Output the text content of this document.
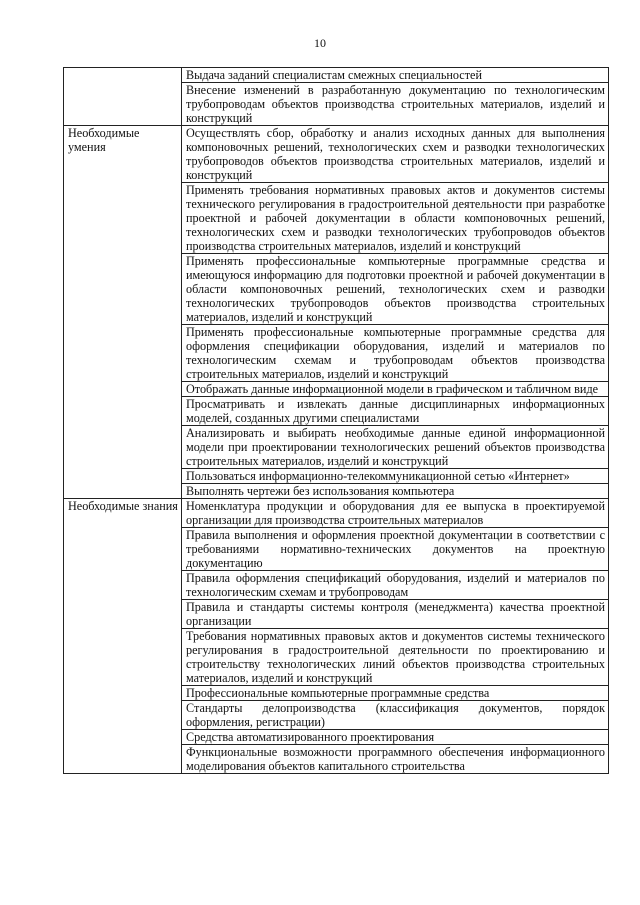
10
	Выдача заданий специалистам смежных специальностей
	Внесение изменений в разработанную документацию по технологическим трубопроводам объектов производства строительных материалов, изделий и конструкций
Необходимые умения	Осуществлять сбор, обработку и анализ исходных данных для выполнения компоновочных решений, технологических схем и разводки технологических трубопроводов объектов производства строительных материалов, изделий и конструкций
	Применять требования нормативных правовых актов и документов системы технического регулирования в градостроительной деятельности при разработке проектной и рабочей документации в области компоновочных решений, технологических схем и разводки технологических трубопроводов объектов производства строительных материалов, изделий и конструкций
	Применять профессиональные компьютерные программные средства и имеющуюся информацию для подготовки проектной и рабочей документации в области компоновочных решений, технологических схем и разводки технологических трубопроводов объектов производства строительных материалов, изделий и конструкций
	Применять профессиональные компьютерные программные средства для оформления спецификации оборудования, изделий и материалов по технологическим схемам и трубопроводам объектов производства строительных материалов, изделий и конструкций
	Отображать данные информационной модели в графическом и табличном виде
	Просматривать и извлекать данные дисциплинарных информационных моделей, созданных другими специалистами
	Анализировать и выбирать необходимые данные единой информационной модели при проектировании технологических решений объектов производства строительных материалов, изделий и конструкций
	Пользоваться информационно-телекоммуникационной сетью «Интернет»
	Выполнять чертежи без использования компьютера
Необходимые знания	Номенклатура продукции и оборудования для ее выпуска в проектируемой организации для производства строительных материалов
	Правила выполнения и оформления проектной документации в соответствии с требованиями нормативно-технических документов на проектную документацию
	Правила оформления спецификаций оборудования, изделий и материалов по технологическим схемам и трубопроводам
	Правила и стандарты системы контроля (менеджмента) качества проектной организации
	Требования нормативных правовых актов и документов системы технического регулирования в градостроительной деятельности по проектированию и строительству технологических линий объектов производства строительных материалов, изделий и конструкций
	Профессиональные компьютерные программные средства
	Стандарты делопроизводства (классификация документов, порядок оформления, регистрации)
	Средства автоматизированного проектирования
	Функциональные возможности программного обеспечения информационного моделирования объектов капитального строительства
